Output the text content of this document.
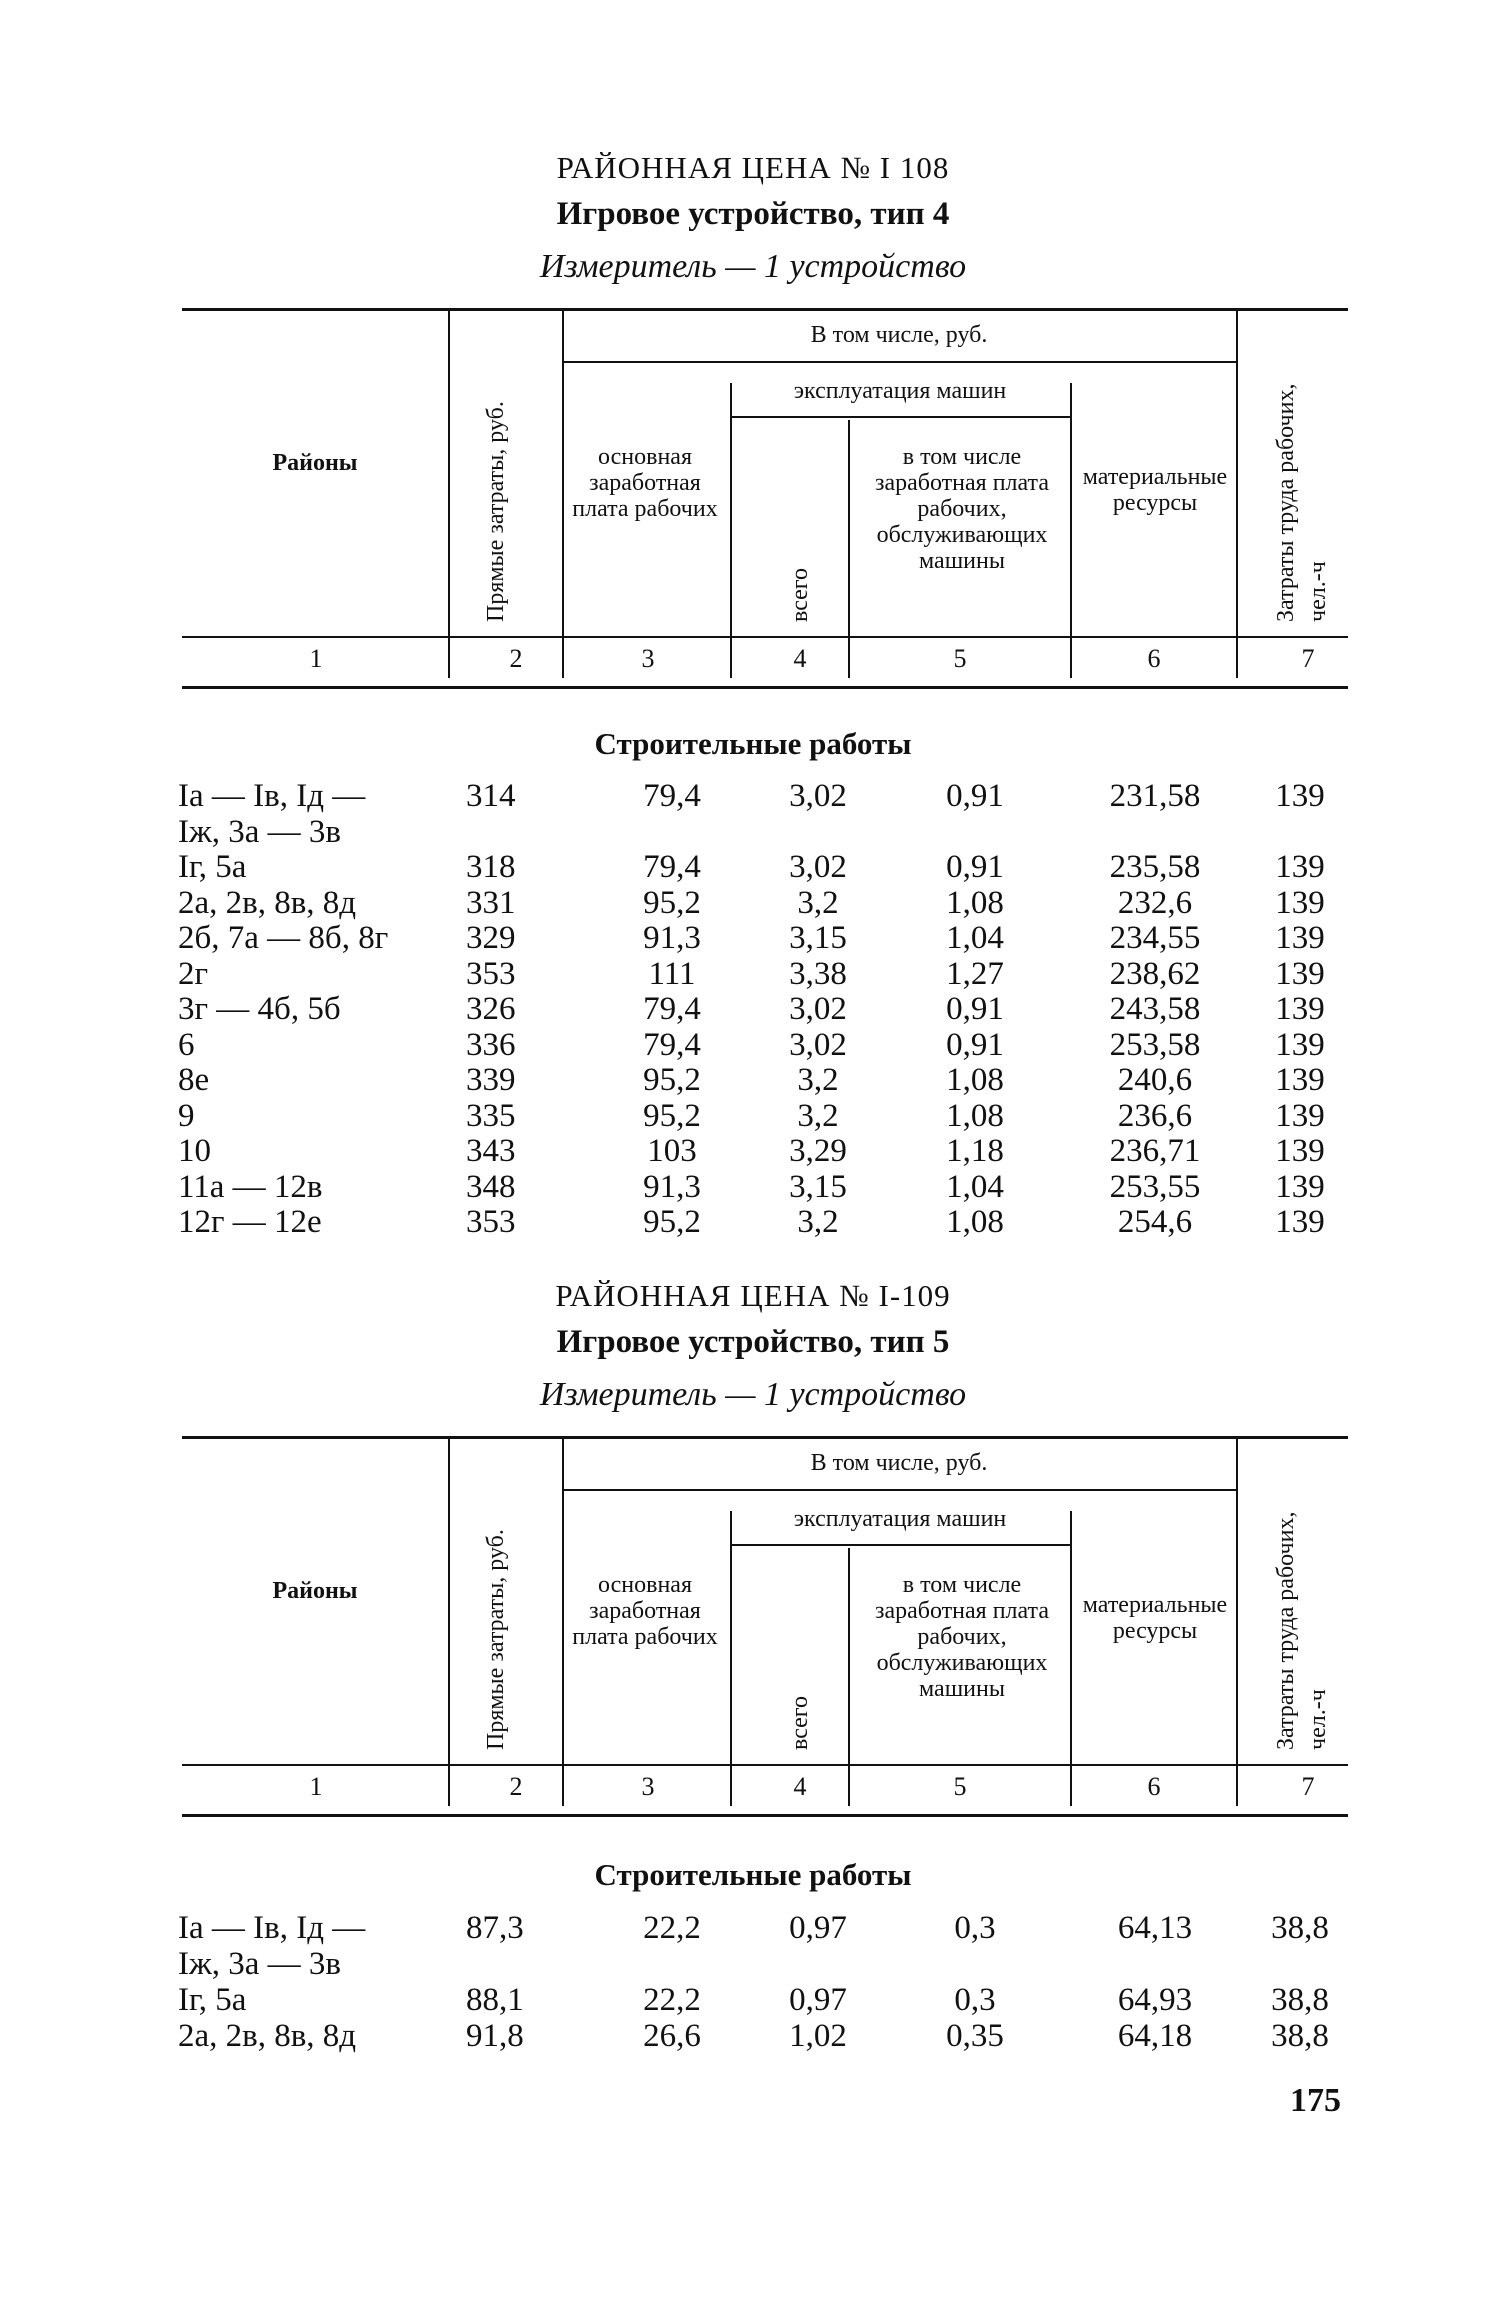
РАЙОННАЯ ЦЕНА № I 108
Игровое устройство, тип 4
Измеритель — 1 устройство
Районы
В том числе, руб.
эксплуатация машин
основная заработная плата рабочих
в том числе заработная плата рабочих, обслуживающих машины
материальные ресурсы
Прямые затраты, руб.	всего	Затраты труда рабочих, чел.-ч
1	2	3	4	5	6	7
Строительные работы
Ia — Iв, Iд —	314	79,4	3,02	0,91	231,58	139
Iж, 3а — 3в
Iг, 5а	318	79,4	3,02	0,91	235,58	139
2а, 2в, 8в, 8д	331	95,2	3,2	1,08	232,6	139
2б, 7а — 8б, 8г 329	91,3	3,15	1,04	234,55	139
2г	353	111	3,38	1,27	238,62	139
3г — 4б, 5б	326	79,4	3,02	0,91	243,58	139
6	336	79,4	3,02	0,91	253,58	139
8е	339	95,2	3,2	1,08	240,6	139
9	335	95,2	3,2	1,08	236,6	139
10	343	103	3,29	1,18	236,71	139
11а — 12в	348	91,3	3,15	1,04	253,55	139
12г — 12е	353	95,2	3,2	1,08	254,6	139
РАЙОННАЯ ЦЕНА № I-109
Игровое устройство, тип 5
Измеритель — 1 устройство
Районы
В том числе, руб.
эксплуатация машин
основная заработная плата рабочих
в том числе заработная плата рабочих, обслуживающих машины
материальные ресурсы
Прямые затраты, руб.	всего	Затраты труда рабочих, чел.-ч
1	2	3	4	5	6	7
Строительные работы
Ia — Iв, Iд —	87,3	22,2	0,97	0,3	64,13	38,8
Iж, 3а — 3в
Iг, 5а	88,1	22,2	0,97	0,3	64,93	38,8
2а, 2в, 8в, 8д	91,8	26,6	1,02	0,35	64,18	38,8
175
